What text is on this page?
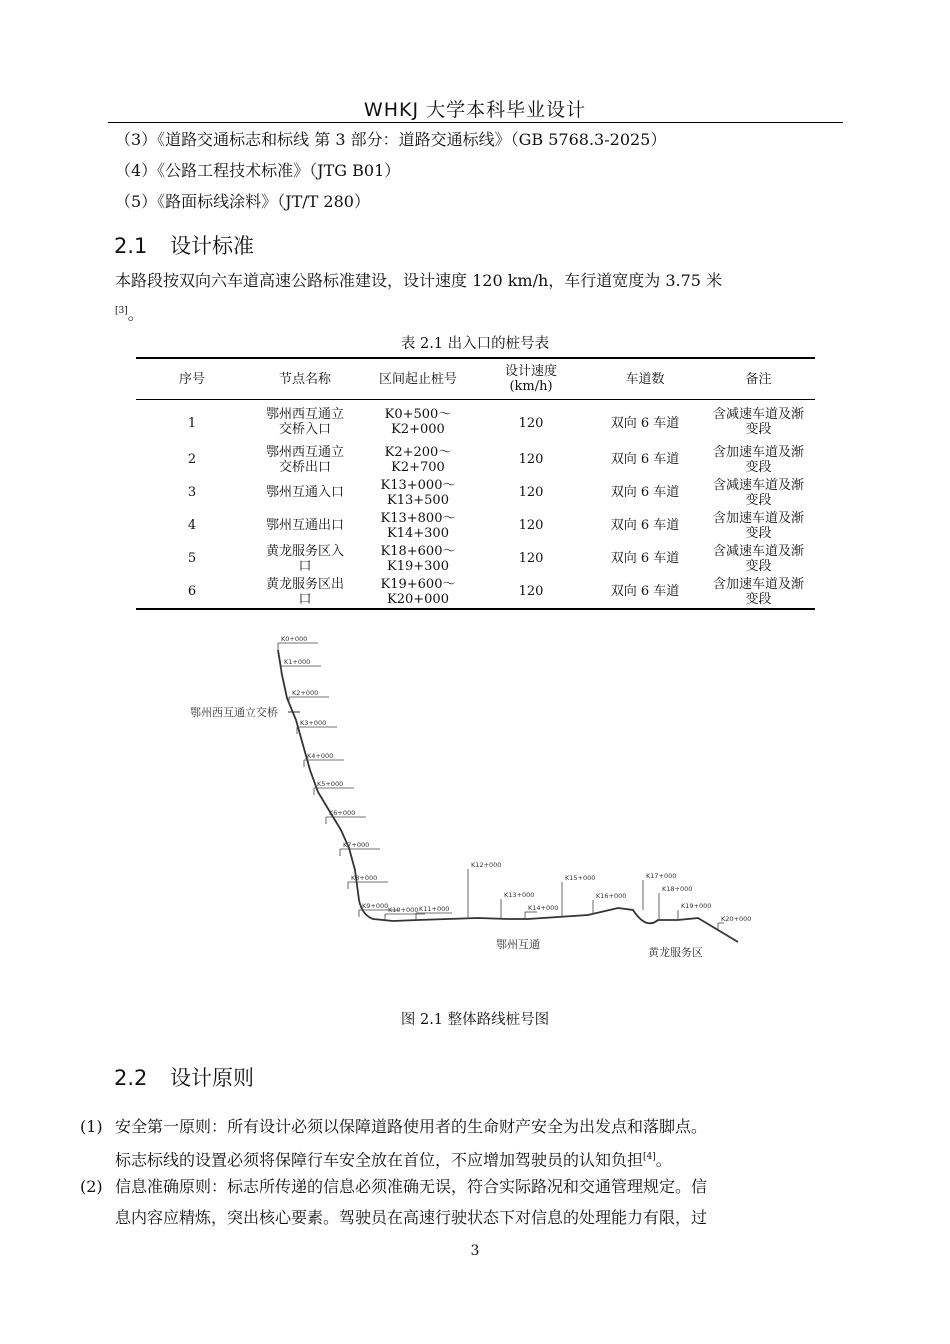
WHKJ 大学本科毕业设计
（3）《道路交通标志和标线 第 3 部分：道路交通标线》（GB 5768.3-2025）
（4）《公路工程技术标准》（JTG B01）
（5）《路面标线涂料》（JT/T 280）
2.1 设计标准
本路段按双向六车道高速公路标准建设，设计速度 120 km/h，车行道宽度为 3.75 米
[3]。
表 2.1 出入口的桩号表
序号	节点名称	区间起止桩号	设计速度(km/h)	车道数	备注
1	鄂州西互通立交桥入口	K0+500～K2+000	120	双向 6 车道	含减速车道及渐变段
2	鄂州西互通立交桥出口	K2+200～K2+700	120	双向 6 车道	含加速车道及渐变段
3	鄂州互通入口	K13+000～K13+500	120	双向 6 车道	含减速车道及渐变段
4	鄂州互通出口	K13+800～K14+300	120	双向 6 车道	含加速车道及渐变段
5	黄龙服务区入口	K18+600～K19+300	120	双向 6 车道	含减速车道及渐变段
6	黄龙服务区出口	K19+600～K20+000	120	双向 6 车道	含加速车道及渐变段
K0+000
K1+000
K2+000
K3+000
K4+000
K5+000
K6+000
K7+000
K8+000
K9+000 K10+000 K11+000
K12+000
K13+000
K14+000
K15+000
K16+000
K17+000
K18+000
K19+000
K20+000
鄂州西互通立交桥
鄂州互通
黄龙服务区
图 2.1 整体路线桩号图
2.2 设计原则
(1) 安全第一原则：所有设计必须以保障道路使用者的生命财产安全为出发点和落脚点。
标志标线的设置必须将保障行车安全放在首位，不应增加驾驶员的认知负担[4]。
(2) 信息准确原则：标志所传递的信息必须准确无误，符合实际路况和交通管理规定。信
息内容应精炼，突出核心要素。驾驶员在高速行驶状态下对信息的处理能力有限，过
3
